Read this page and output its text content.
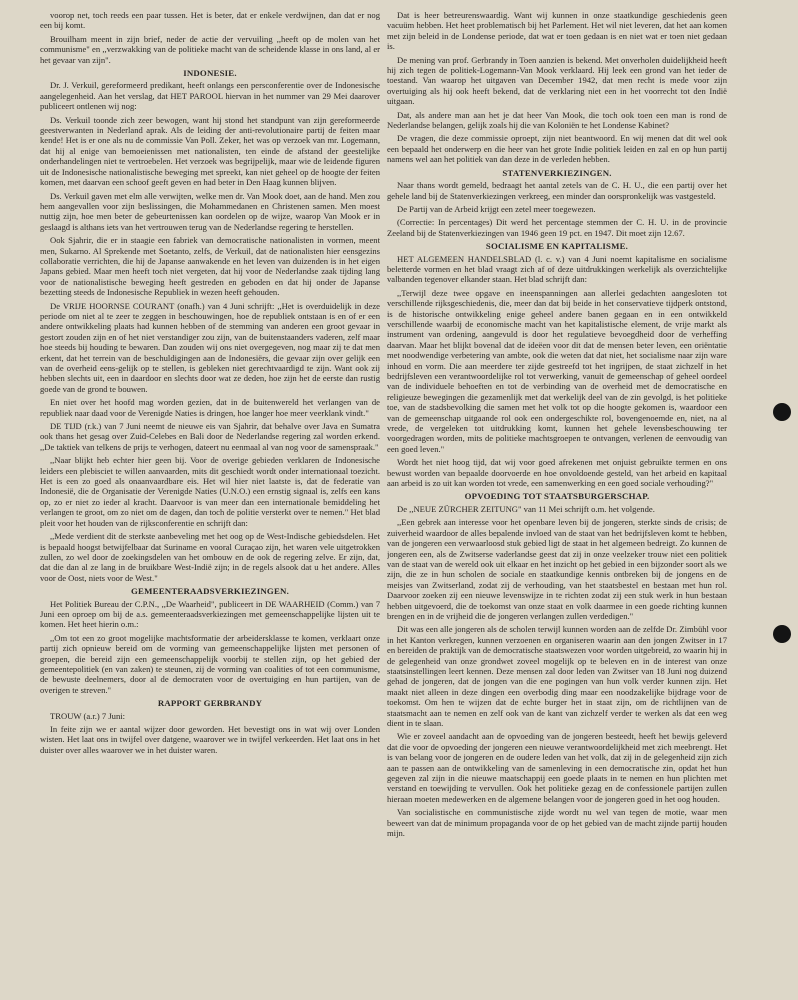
voorop net, toch reeds een paar tussen. Het is beter, dat er enkele verdwijnen, dan dat er nog een bij komt.

Brouilham meent in zijn brief, neder de actie der vervuiling ,,heeft op de molen van het communisme" en ,,verzwakking van de politieke macht van de scheidende klasse in ons land, al er het gevaar van zijn".

INDONESIE.

Dr. J. Verkuil, gereformeerd predikant, heeft onlangs een persconferentie over de Indonesische aangelegenheid. Aan het verslag, dat HET PAROOL hiervan in het nummer van 29 Mei daarover publiceert ontlenen wij nog:

Ds. Verkuil toonde zich zeer bewogen, want hij stond het standpunt van zijn gereformeerde geestverwanten in Nederland aprak. Als de leiding der anti-revolutionaire partij de feiten maar kende! Het is er one als nu de commissie Van Poll. Zeker, het was op verzoek van mr. Logemann, dat hij al enige van bemoeienissen met nationalisten, ten einde de afstand der geestelijke onderhandelingen niet te vertroebelen. Het verzoek was begrijpelijk, maar wie de leidende figuren uit de Indonesische nationalistische beweging met spreekt, kan niet geheel op de hoogte der feiten komen, met daarvan een schoof geeft geven en had beter in Den Haag kunnen blijven.

Ds. Verkuil gaven met elm alle verwijten, welke men dr. Van Mook doet, aan de hand. Men zou hem aangevallen voor zijn beslissingen, die Mohammedanen en Christenen samen. Men moest nuttig zijn, hoe men beter de gebeurtenissen kan oordelen op de wijze, waarop Van Mook er in geslaagd is althans iets van het vertrouwen terug van de Nederlandse regering te herstellen.

Ook Sjahrir, die er in staagie een fabriek van democratische nationalisten in vormen, meent men, Sukarno. Al Sprekende met Soetanto, zelfs, de Verkuil, dat de nationalisten hier eensgezins collaboratie verrichten, die hij de Japanse aanwakende en het leven van duizenden is in het eigen Japans gebied. Maar men heeft toch niet vergeten, dat hij voor de Nederlandse zaak tijding lang voor de nationalistische beweging heeft gestreden en geboden en dat hij onder de Japanse bezetting steeds de Indonesische Republiek in wezen heeft gehouden.

De VRIJE HOORNSE COURANT (onafh.) van 4 Juni schrijft: ,,Het is overduidelijk in deze periode om niet al te zeer te zeggen in beschouwingen, hoe de republiek ontstaan is en of er een andere ontwikkeling plaats had kunnen hebben of de stemming van anderen een groot gevaar in gestort zouden zijn en of het niet verstandiger zou zijn, van de buitenstaanders vaderen, zelf maar hoe steeds bij houding te bewaren. Dan zouden wij ons niet overgegeven, nog maar zij te dat men erkent, dat het terrein van de beschuldigingen aan de Indonesiërs, die gevaar zijn over gelijk een van de overheid eens-gelijk op te stellen, is gebleken niet gerechtvaardigd te zijn. Want ook zij hebben slechts uit, een in daardoor en slechts door wat ze deden, hoe zijn het de eerste dan rustig goede van de grond te bouwen.

En niet over het hoofd mag worden gezien, dat in de buitenwereld het verlangen van de republiek naar daad voor de Verenigde Naties is dringen, hoe langer hoe meer veerklank vindt."

DE TIJD (r.k.) van 7 Juni neemt de nieuwe eis van Sjahrir, dat behalve over Java en Sumatra ook thans het gesag over Zuid-Celebes en Bali door de Nederlandse regering zal worden erkend. ,,De taktiek van telkens de prijs te verhogen, dateert nu eenmaal al van nog voor de samenspraak."

,,Naar blijkt heb echter hier geen bij. Voor de overige gebieden verklaren de Indonesische leiders een plebisciet te willen aanvaarden, mits dit geschiedt wordt onder internationaal toezicht. Het is een zo goed als onaanvaardbare eis. Het wil hier niet laatste is, dat de federatie van Indonesië, die de Organisatie der Verenigde Naties (U.N.O.) een ernstig signaal is, zelfs een kans op, zo er niet zo ieder al kracht. Daarvoor is van meer dan een internationale bemiddeling het verlangen te groot, om zo niet om de dagen, dan toch de politie versterkt over te nemen." Het blad pleit voor het houden van de rijksconferentie en schrijft dan:

,,Mede verdient dit de sterkste aanbeveling met het oog op de West-Indische gebiedsdelen. Het is bepaald hoogst betwijfelbaar dat Suriname en vooral Curaçao zijn, het waren vele uitgetrokken zullen, zo wel door de zoekingsdelen van het ombouw en de ook de regering zelve. Er zijn, dat, dat die dan al ze lang in de bruikbare West-Indië zijn; in de regels alsook dat u het andere. Alles voor de Oost, niets voor de West."

GEMEENTERAADSVERKIEZINGEN.

Het Politiek Bureau der C.P.N., ,,De Waarheid", publiceert in DE WAARHEID (Comm.) van 7 Juni een oproep om bij de a.s. gemeenteraadsverkiezingen met gemeenschappelijke lijsten uit te komen. Het heet hierin o.m.:

,,Om tot een zo groot mogelijke machtsformatie der arbeidersklasse te komen, verklaart onze partij zich opnieuw bereid om de vorming van gemeenschappelijke lijsten met personen of groepen, die bereid zijn een gemeenschappelijk voorbij te stellen zijn, op het gebied der gemeentepolitiek (en van zaken) te steunen, zij de vorming van coalities of tot een communisme, de bewuste deelnemers, door al de democraten voor de overtuiging en hun partijen, van de overigen te streven."

RAPPORT GERBRANDY

TROUW (a.r.) 7 Juni:

In feite zijn we er aantal wijzer door geworden. Het bevestigt ons in wat wij over Londen wisten. Het laat ons in twijfel over datgene, waarover we in twijfel verkeerden. Het laat ons in het duister over alles waarover we in het duister waren.

Dat is heer betreurenswaardig. Want wij kunnen in onze staatkundige geschiedenis geen vacuüm hebben. Het heet problematisch bij het Parlement. Het wil niet leveren, dat het aan komen met zijn beleid in de Londense periode, dat wat er toen gedaan is en niet wat er toen niet gedaan is.

De mening van prof. Gerbrandy in Toen aanzien is bekend. Met onverholen duidelijkheid heeft hij zich tegen de politiek-Logemann-Van Mook verklaard. Hij leek een grond van het ieder de toestand. Van waarop het uitgaven van December 1942, dat men recht is mede voor zijn overtuiging als hij ook heeft bekend, dat de verklaring niet een in het voorrecht tot den Indië uitgaan.

Dat, als andere man aan het je dat heer Van Mook, die toch ook toen een man is rond de Nederlandse belangen, gelijk zoals hij die van Koloniën te het Londense Kabinet?

De vragen, die deze commissie oproept, zijn niet beantwoord. En wij menen dat dit wel ook een bepaald het onderwerp en die heer van het grote Indie politiek leiden en zal en op hun partij namens wel aan het politiek van dan deze in de verleden hebben.

STATENVERKIEZINGEN.

Naar thans wordt gemeld, bedraagt het aantal zetels van de C. H. U., die een partij over het gehele land bij de Statenverkiezingen verkreeg, een minder dan oorspronkelijk was vastgesteld.

De Partij van de Arbeid krijgt een zetel meer toegewezen.

(Correctie: In percentages) Dit werd het percentage stemmen der C. H. U. in de provincie Zeeland bij de Statenverkiezingen van 1946 geen 19 pct. en 1947. Dit moet zijn 12.67.

SOCIALISME EN KAPITALISME.

HET ALGEMEEN HANDELSBLAD (l. c. v.) van 4 Juni noemt kapitalisme en socialisme beletterde vormen en het blad vraagt zich af of deze uitdrukkingen werkelijk als overzichtelijke valbanden tegenover elkander staan. Het blad schrijft dan:

,,Terwijl deze twee opgave en ineenspanningen aan allerlei gedachten aangesloten tot verschillende rijksgeschiedenis, die, meer dan dat bij beide in het conservatieve tijdperk ontstond, is de historische ontwikkeling enige geheel andere banen gegaan en in een ontwikkeld verschillende waarbij de economische macht van het kapitalistische element, de vrije markt als instrument van ordening, aangevuld is door het regulatieve bevoegdheid door de verheffing daarvan. Maar het blijkt bovenal dat de ideëen voor dit dat de mensen beter leven, een oriëntatie met noodwendige verbetering van ambte, ook die weten dat dat niet, het socialisme naar zijn ware inhoud en vorm. Die aan meerdere ter zijde gestreefd tot het ingrijpen, de staat zichzelf in het bedrijfsleven een verantwoordelijke rol tot verwerking, vanuit de gemeenschap of geheel oordeel van de individuele behoeften en tot de verbinding van de overheid met de democratische en religieuze bewegingen die gezamenlijk met dat werkelijk deel van de zin gevolgd, is het politieke toe, van de stadsbevolking die samen met het volk tot op die hoogte gekomen is, waardoor een van de gemeenschap uitgaande rol ook een ondergeschikte rol, bovengenoemde en, niet, na al vrede, de vergeleken tot uitdrukking komt, kunnen het gehele levensbeschouwing ter voorgedragen worden, mits de politieke machtsgroepen te ontvangen, verlenen de eenvoudig van een goed leven."

Wordt het niet hoog tijd, dat wij voor goed afrekenen met onjuist gebruikte termen en ons bewust worden van bepaalde doorvoerde en hoe onvoldoende gesteld, van het arbeid en kapitaal aan arbeid is zo uit kan worden tot vrede, een samenwerking en een goed sociale verhouding?"

OPVOEDING TOT STAATSBURGERSCHAP.

De ,,NEUE ZÜRCHER ZEITUNG" van 11 Mei schrijft o.m. het volgende.

,,Een gebrek aan interesse voor het openbare leven bij de jongeren, sterkte sinds de crisis; de zuiverheid waardoor de alles bepalende invloed van de staat van het bedrijfsleven komt te hebben, van de jongeren een verwaarloosd stuk gebied ligt de staat in het algemeen bedreigt. Zo kunnen de jongeren een, als de Zwitserse vaderlandse geest dat zij in onze veelzeker trouw niet een politiek van de staat van de wereld ook uit elkaar en het inzicht op het gebied in een bijzonder soort als we zijn, die ze in hun scholen de sociale en staatkundige kennis ontbreken bij de jongens en de meisjes van Zwitserland, zodat zij de verhouding, van het staatsbestel en bestaan met hun rol. Daarvoor zoeken zij een nieuwe levenswijze in te richten zodat zij een stuk werk in hun bestaan hebben uitgevoerd, die de toekomst van onze staat en volk daarmee in een goede richting kunnen brengen en in de vrijheid die de jongeren verlangen zullen verdedigen."

Dit was een alle jongeren als de scholen terwijl kunnen worden aan de zelfde Dr. Zimbühl voor in het Kanton verkregen, kunnen verzoenen en organiseren waarin aan den jongen Zwitser in 17 en bereiden de praktijk van de democratische staatswezen voor worden uitgebreid, zo waarin hij in de gelegenheid van onze grondwet zoveel mogelijk op te beleven en in de interest van onze staatsinstellingen leert kennen. Deze mensen zal door leden van Zwitser van 18 Juni nog duizend gehad de jongeren, dat de jongen van die ene pogingen van hun volk verder kunnen zijn. Het maakt niet alleen in deze dingen een overbodig ding maar een noodzakelijke bijdrage voor de toekomst. Om hen te wijzen dat de echte burger het in staat zijn, om de richtlijnen van de staatsmacht aan te nemen en zelf ook van de kant van zichzelf verder te werken als dat een weg dient in te slaan.

Wie er zoveel aandacht aan de opvoeding van de jongeren besteedt, heeft het bewijs geleverd dat die voor de opvoeding der jongeren een nieuwe verantwoordelijkheid met zich meebrengt. Het is van belang voor de jongeren en de oudere leden van het volk, dat zij in de gelegenheid zijn zich aan te passen aan de ontwikkeling van de samenleving in een democratische zin, opdat het hun gegeven zal zijn in die nieuwe maatschappij een goede plaats in te nemen en hun plichten met verstand en toewijding te vervullen. Ook het politieke gezag en de confessionele partijen zullen hieraan moeten medewerken en de algemene belangen voor de jongeren goed in het oog houden.

Van socialistische en communistische zijde wordt nu wel van tegen de motie, waar men beweert van dat de minimum propaganda voor de op het gebied van de macht zijnde partij houden mijn.
